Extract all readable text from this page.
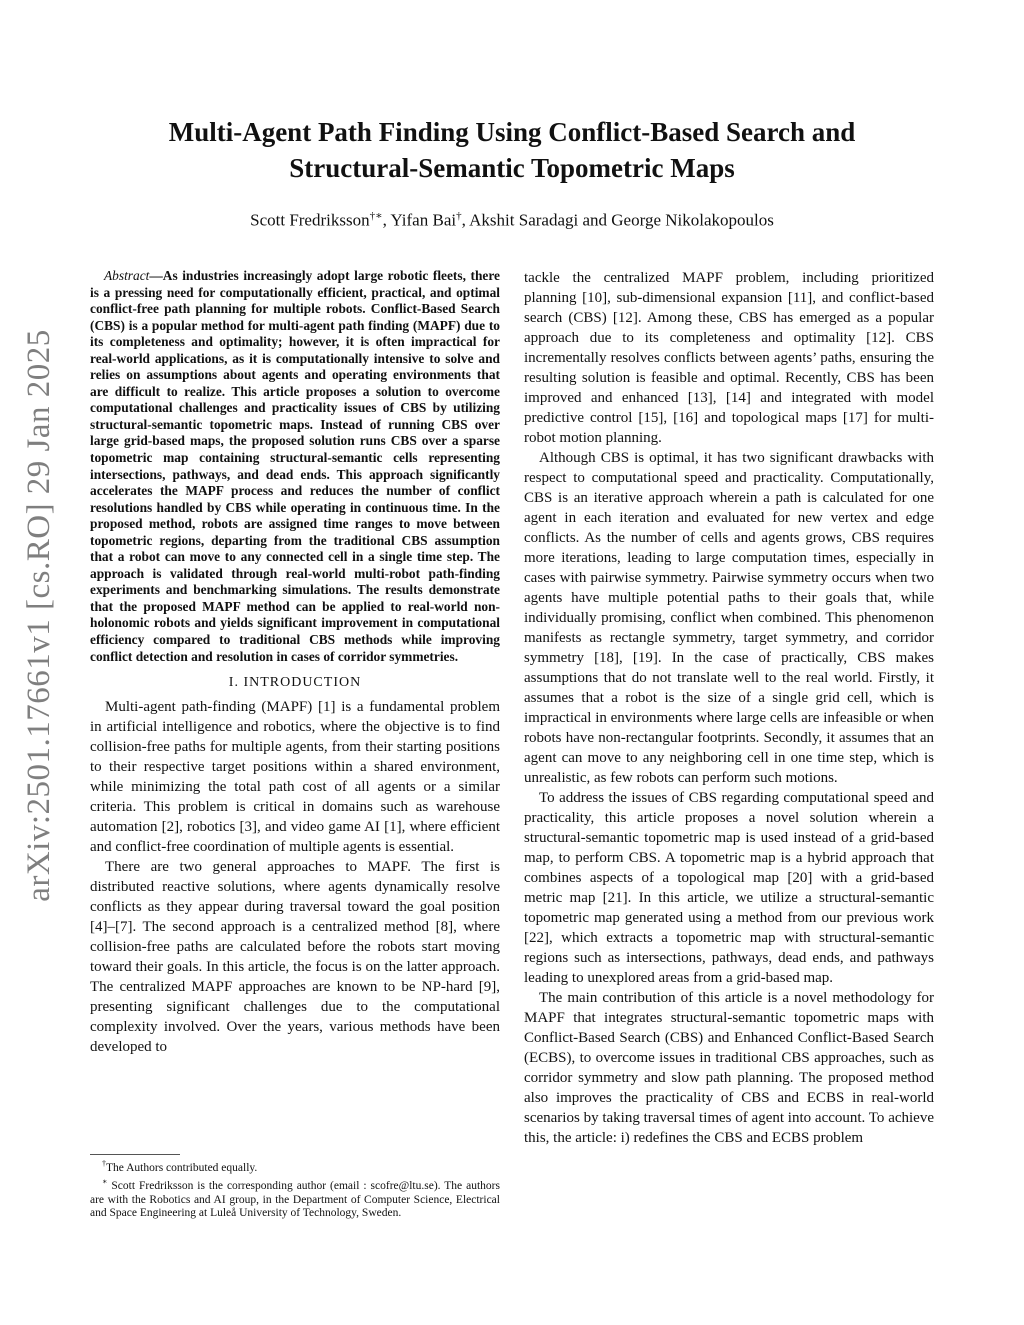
arXiv:2501.17661v1 [cs.RO] 29 Jan 2025
Multi-Agent Path Finding Using Conflict-Based Search and
Structural-Semantic Topometric Maps

Scott Fredriksson†∗, Yifan Bai†, Akshit Saradagi and George Nikolakopoulos

Abstract—As industries increasingly adopt large robotic fleets, there is a pressing need for computationally efficient, practical, and optimal conflict-free path planning for multiple robots. Conflict-Based Search (CBS) is a popular method for multi-agent path finding (MAPF) due to its completeness and optimality; however, it is often impractical for real-world applications, as it is computationally intensive to solve and relies on assumptions about agents and operating environments that are difficult to realize. This article proposes a solution to overcome computational challenges and practicality issues of CBS by utilizing structural-semantic topometric maps. Instead of running CBS over large grid-based maps, the proposed solution runs CBS over a sparse topometric map containing structural-semantic cells representing intersections, pathways, and dead ends. This approach significantly accelerates the MAPF process and reduces the number of conflict resolutions handled by CBS while operating in continuous time. In the proposed method, robots are assigned time ranges to move between topometric regions, departing from the traditional CBS assumption that a robot can move to any connected cell in a single time step. The approach is validated through real-world multi-robot path-finding experiments and benchmarking simulations. The results demonstrate that the proposed MAPF method can be applied to real-world non-holonomic robots and yields significant improvement in computational efficiency compared to traditional CBS methods while improving conflict detection and resolution in cases of corridor symmetries.

I. INTRODUCTION

Multi-agent path-finding (MAPF) [1] is a fundamental problem in artificial intelligence and robotics, where the objective is to find collision-free paths for multiple agents, from their starting positions to their respective target positions within a shared environment, while minimizing the total path cost of all agents or a similar criteria. This problem is critical in domains such as warehouse automation [2], robotics [3], and video game AI [1], where efficient and conflict-free coordination of multiple agents is essential.

There are two general approaches to MAPF. The first is distributed reactive solutions, where agents dynamically resolve conflicts as they appear during traversal toward the goal position [4]–[7]. The second approach is a centralized method [8], where collision-free paths are calculated before the robots start moving toward their goals. In this article, the focus is on the latter approach. The centralized MAPF approaches are known to be NP-hard [9], presenting significant challenges due to the computational complexity involved. Over the years, various methods have been developed to

†The Authors contributed equally.

∗ Scott Fredriksson is the corresponding author (email : scofre@ltu.se). The authors are with the Robotics and AI group, in the Department of Computer Science, Electrical and Space Engineering at Luleå University of Technology, Sweden.

tackle the centralized MAPF problem, including prioritized planning [10], sub-dimensional expansion [11], and conflict-based search (CBS) [12]. Among these, CBS has emerged as a popular approach due to its completeness and optimality [12]. CBS incrementally resolves conflicts between agents’ paths, ensuring the resulting solution is feasible and optimal. Recently, CBS has been improved and enhanced [13], [14] and integrated with model predictive control [15], [16] and topological maps [17] for multi-robot motion planning.

Although CBS is optimal, it has two significant drawbacks with respect to computational speed and practicality. Computationally, CBS is an iterative approach wherein a path is calculated for one agent in each iteration and evaluated for new vertex and edge conflicts. As the number of cells and agents grows, CBS requires more iterations, leading to large computation times, especially in cases with pairwise symmetry. Pairwise symmetry occurs when two agents have multiple potential paths to their goals that, while individually promising, conflict when combined. This phenomenon manifests as rectangle symmetry, target symmetry, and corridor symmetry [18], [19]. In the case of practically, CBS makes assumptions that do not translate well to the real world. Firstly, it assumes that a robot is the size of a single grid cell, which is impractical in environments where large cells are infeasible or when robots have non-rectangular footprints. Secondly, it assumes that an agent can move to any neighboring cell in one time step, which is unrealistic, as few robots can perform such motions.

To address the issues of CBS regarding computational speed and practicality, this article proposes a novel solution wherein a structural-semantic topometric map is used instead of a grid-based map, to perform CBS. A topometric map is a hybrid approach that combines aspects of a topological map [20] with a grid-based metric map [21]. In this article, we utilize a structural-semantic topometric map generated using a method from our previous work [22], which extracts a topometric map with structural-semantic regions such as intersections, pathways, dead ends, and pathways leading to unexplored areas from a grid-based map.

The main contribution of this article is a novel methodology for MAPF that integrates structural-semantic topometric maps with Conflict-Based Search (CBS) and Enhanced Conflict-Based Search (ECBS), to overcome issues in traditional CBS approaches, such as corridor symmetry and slow path planning. The proposed method also improves the practicality of CBS and ECBS in real-world scenarios by taking traversal times of agent into account. To achieve this, the article: i) redefines the CBS and ECBS problem
